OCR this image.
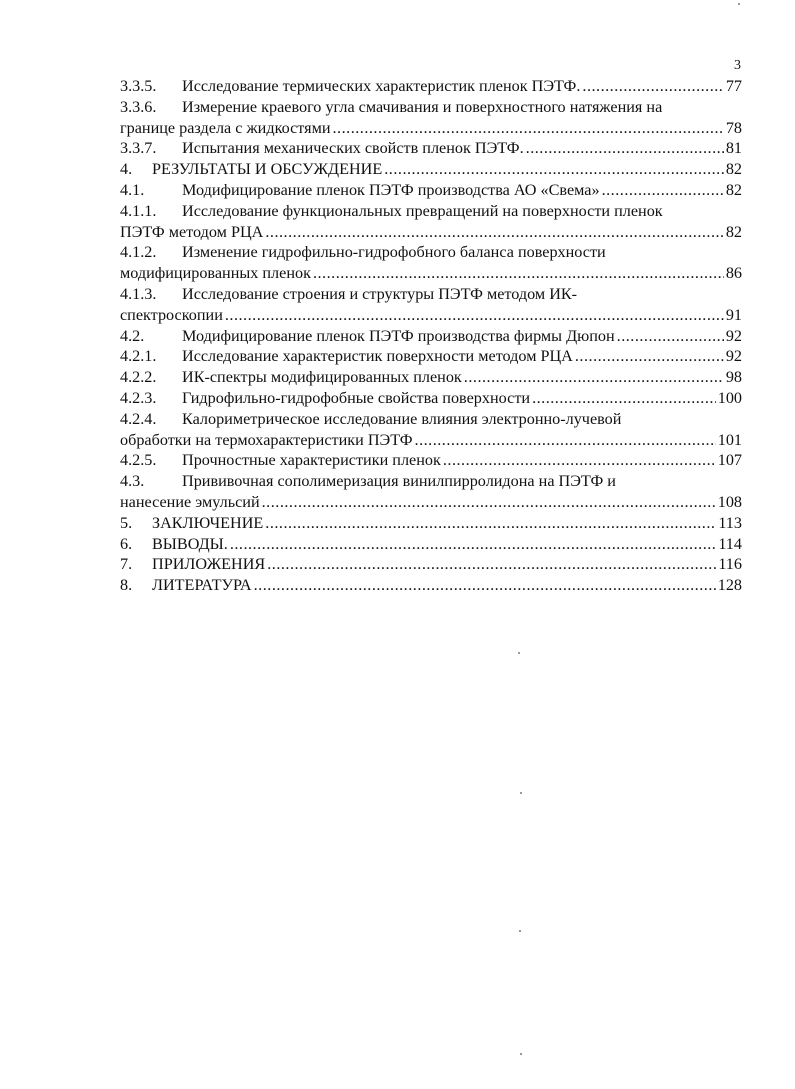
3
3.3.5.	Исследование термических характеристик пленок ПЭТФ. .....	77
3.3.6. Измерение краевого угла смачивания и поверхностного натяжения на
границе раздела с жидкостями .....	78
3.3.7.	Испытания механических свойств пленок ПЭТФ. .....	81
4.	РЕЗУЛЬТАТЫ И ОБСУЖДЕНИЕ .....	82
4.1.	Модифицирование пленок ПЭТФ производства АО «Свема» .....	82
4.1.1. Исследование функциональных превращений на поверхности пленок
ПЭТФ методом РЦА .....	82
4.1.2. Изменение гидрофильно-гидрофобного баланса поверхности
модифицированных пленок .....	86
4.1.3. Исследование строения и структуры ПЭТФ методом ИК-
спектроскопии .....	91
4.2.	Модифицирование пленок ПЭТФ производства фирмы Дюпон .....	92
4.2.1.	Исследование характеристик поверхности методом РЦА .....	92
4.2.2.	ИК-спектры модифицированных пленок .....	98
4.2.3.	Гидрофильно-гидрофобные свойства поверхности .....	100
4.2.4. Калориметрическое исследование влияния электронно-лучевой
обработки на термохарактеристики ПЭТФ .....	101
4.2.5.	Прочностные характеристики пленок .....	107
4.3. Прививочная сополимеризация винилпирролидона на ПЭТФ и
нанесение эмульсий .....	108
5.	ЗАКЛЮЧЕНИЕ .....	113
6.	ВЫВОДЫ. .....	114
7.	ПРИЛОЖЕНИЯ .....	116
8.	ЛИТЕРАТУРА .....	128
